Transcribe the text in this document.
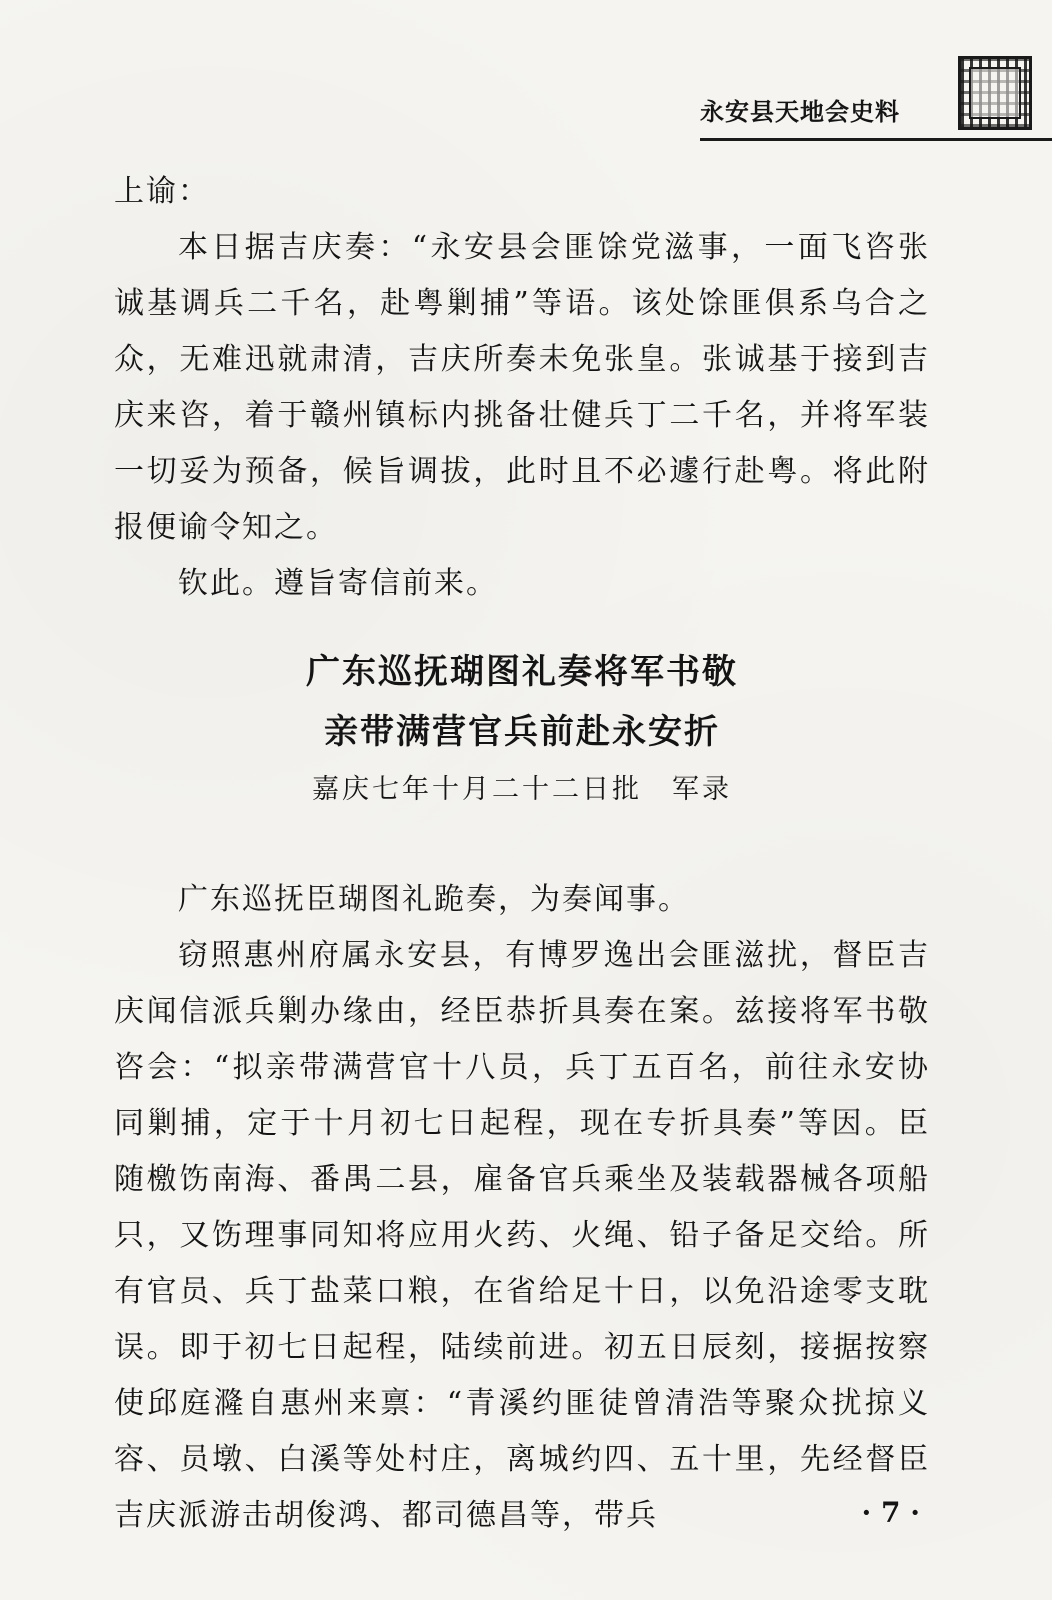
永安县天地会史料

上谕：

本日据吉庆奏：“永安县会匪馀党滋事，一面飞咨张诚基调兵二千名，赴粤剿捕”等语。该处馀匪俱系乌合之众，无难迅就肃清，吉庆所奏未免张皇。张诚基于接到吉庆来咨，着于赣州镇标内挑备壮健兵丁二千名，并将军装一切妥为预备，候旨调拔，此时且不必遽行赴粤。将此附报便谕令知之。

钦此。遵旨寄信前来。

广东巡抚瑚图礼奏将军书敬
亲带满营官兵前赴永安折
嘉庆七年十月二十二日批　军录

广东巡抚臣瑚图礼跪奏，为奏闻事。

窃照惠州府属永安县，有博罗逸出会匪滋扰，督臣吉庆闻信派兵剿办缘由，经臣恭折具奏在案。兹接将军书敬咨会：“拟亲带满营官十八员，兵丁五百名，前往永安协同剿捕，定于十月初七日起程，现在专折具奏”等因。臣随檄饬南海、番禺二县，雇备官兵乘坐及装载器械各项船只，又饬理事同知将应用火药、火绳、铅子备足交给。所有官员、兵丁盐菜口粮，在省给足十日，以免沿途零支耽误。即于初七日起程，陆续前进。初五日辰刻，接据按察使邱庭漋自惠州来禀：“青溪约匪徒曾清浩等聚众扰掠义容、员墩、白溪等处村庄，离城约四、五十里，先经督臣吉庆派游击胡俊鸿、都司德昌等，带兵	· 7 ·
